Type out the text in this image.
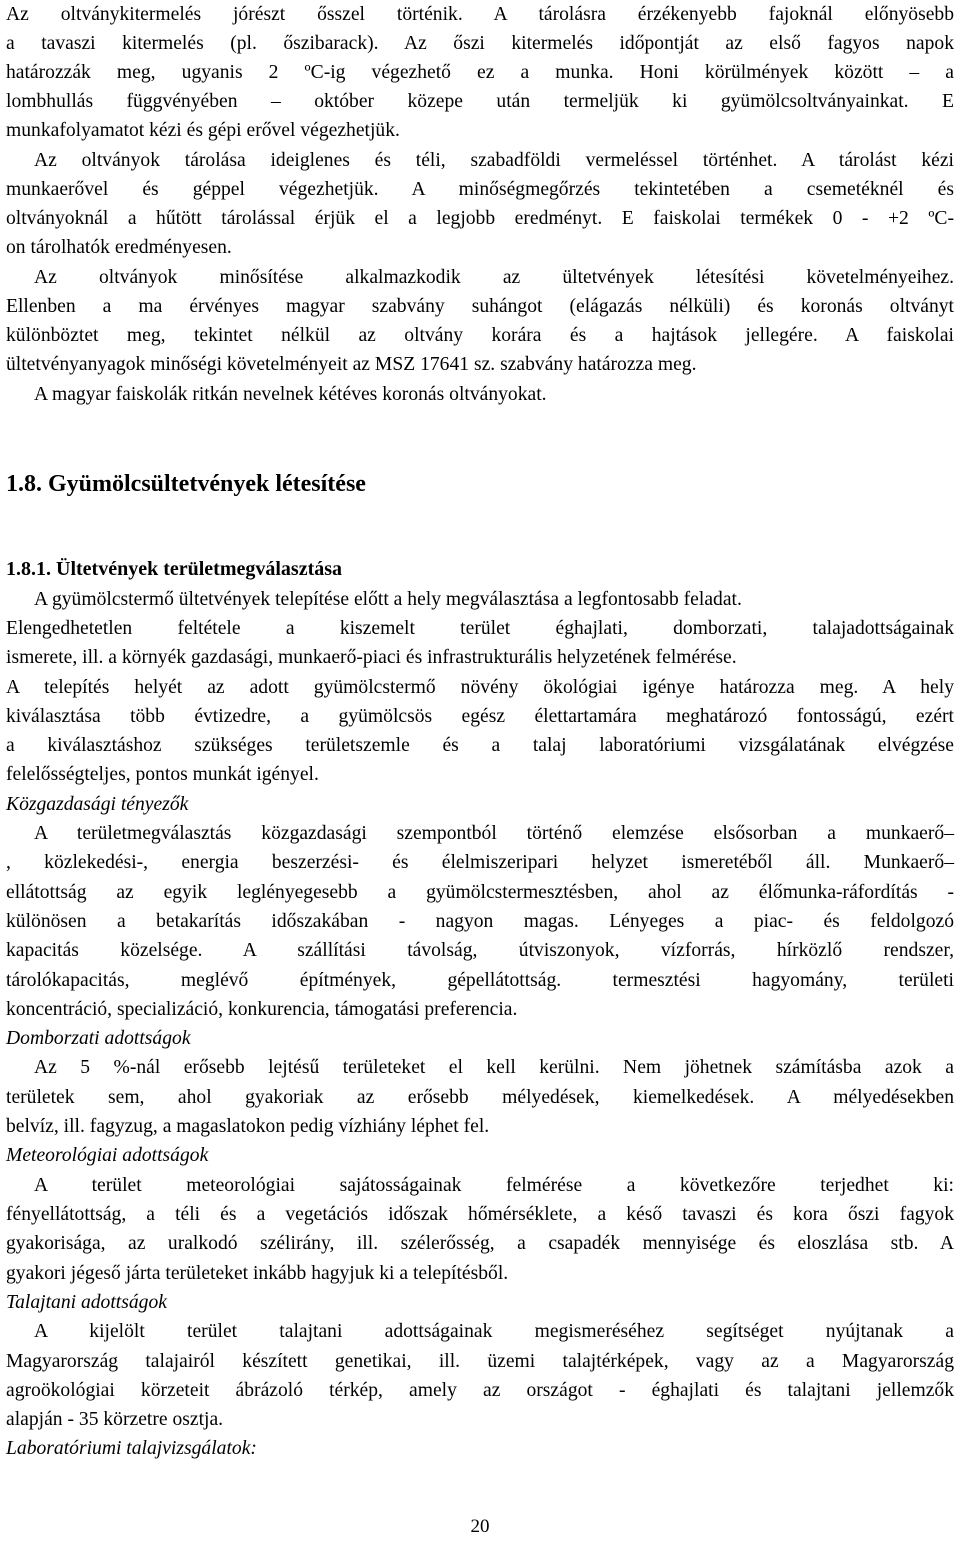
Az oltványkitermelés jórészt ősszel történik. A tárolásra érzékenyebb fajoknál előnyösebb
a tavaszi kitermelés (pl. őszibarack). Az őszi kitermelés időpontját az első fagyos napok
határozzák meg, ugyanis 2 ºC-ig végezhető ez a munka. Honi körülmények között – a
lombhullás függvényében – október közepe után termeljük ki gyümölcsoltványainkat. E
munkafolyamatot kézi és gépi erővel végezhetjük.
Az oltványok tárolása ideiglenes és téli, szabadföldi vermeléssel történhet. A tárolást kézi
munkaerővel és géppel végezhetjük. A minőségmegőrzés tekintetében a csemetéknél és
oltványoknál a hűtött tárolással érjük el a legjobb eredményt. E faiskolai termékek 0 - +2 ºC-
on tárolhatók eredményesen.
Az oltványok minősítése alkalmazkodik az ültetvények létesítési követelményeihez.
Ellenben a ma érvényes magyar szabvány suhángot (elágazás nélküli) és koronás oltványt
különböztet meg, tekintet nélkül az oltvány korára és a hajtások jellegére. A faiskolai
ültetvényanyagok minőségi követelményeit az MSZ 17641 sz. szabvány határozza meg.
A magyar faiskolák ritkán nevelnek kétéves koronás oltványokat.
1.8. Gyümölcsültetvények létesítése
1.8.1. Ültetvények területmegválasztása
A gyümölcstermő ültetvények telepítése előtt a hely megválasztása a legfontosabb feladat.
Elengedhetetlen feltétele a kiszemelt terület éghajlati, domborzati, talajadottságainak
ismerete, ill. a környék gazdasági, munkaerő-piaci és infrastrukturális helyzetének felmérése.
A telepítés helyét az adott gyümölcstermő növény ökológiai igénye határozza meg. A hely
kiválasztása több évtizedre, a gyümölcsös egész élettartamára meghatározó fontosságú, ezért
a kiválasztáshoz szükséges területszemle és a talaj laboratóriumi vizsgálatának elvégzése
felelősségteljes, pontos munkát igényel.
Közgazdasági tényezők
A területmegválasztás közgazdasági szempontból történő elemzése elsősorban a munkaerő–
, közlekedési-, energia beszerzési- és élelmiszeripari helyzet ismeretéből áll. Munkaerő–
ellátottság az egyik leglényegesebb a gyümölcstermesztésben, ahol az élőmunka-ráfordítás -
különösen a betakarítás időszakában - nagyon magas. Lényeges a piac- és feldolgozó
kapacitás közelsége. A szállítási távolság, útviszonyok, vízforrás, hírközlő rendszer,
tárolókapacitás, meglévő építmények, gépellátottság. termesztési hagyomány, területi
koncentráció, specializáció, konkurencia, támogatási preferencia.
Domborzati adottságok
Az 5 %-nál erősebb lejtésű területeket el kell kerülni. Nem jöhetnek számításba azok a
területek sem, ahol gyakoriak az erősebb mélyedések, kiemelkedések. A mélyedésekben
belvíz, ill. fagyzug, a magaslatokon pedig vízhiány léphet fel.
Meteorológiai adottságok
A terület meteorológiai sajátosságainak felmérése a következőre terjedhet ki:
fényellátottság, a téli és a vegetációs időszak hőmérséklete, a késő tavaszi és kora őszi fagyok
gyakorisága, az uralkodó szélirány, ill. szélerősség, a csapadék mennyisége és eloszlása stb. A
gyakori jégeső járta területeket inkább hagyjuk ki a telepítésből.
Talajtani adottságok
A kijelölt terület talajtani adottságainak megismeréséhez segítséget nyújtanak a
Magyarország talajairól készített genetikai, ill. üzemi talajtérképek, vagy az a Magyarország
agroökológiai körzeteit ábrázoló térkép, amely az országot - éghajlati és talajtani jellemzők
alapján - 35 körzetre osztja.
Laboratóriumi talajvizsgálatok:
20
